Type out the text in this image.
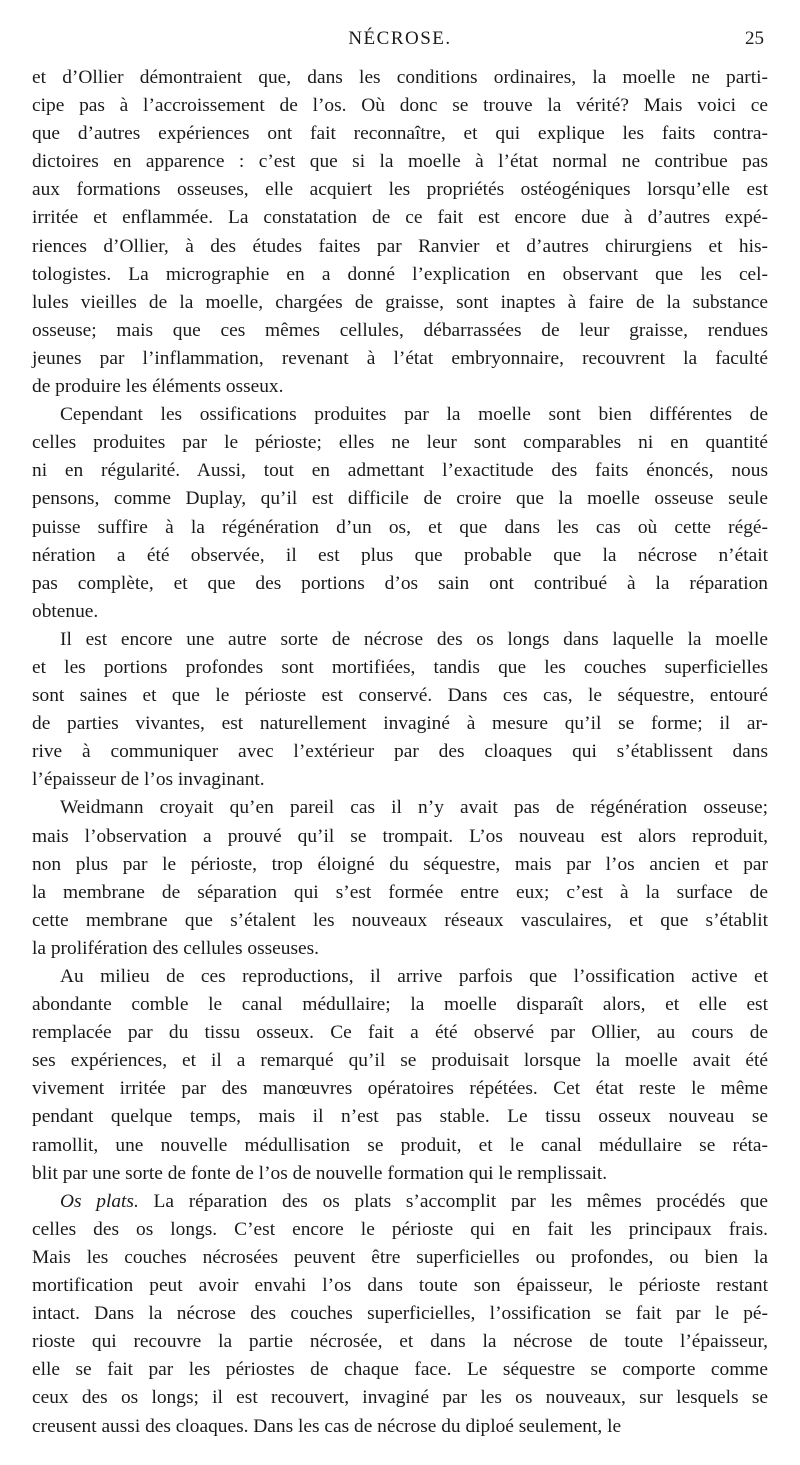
NÉCROSE.	25
et d’Ollier démontraient que, dans les conditions ordinaires, la moelle ne parti-
cipe pas à l’accroissement de l’os. Où donc se trouve la vérité? Mais voici ce
que d’autres expériences ont fait reconnaître, et qui explique les faits contra-
dictoires en apparence : c’est que si la moelle à l’état normal ne contribue pas
aux formations osseuses, elle acquiert les propriétés ostéogéniques lorsqu’elle est
irritée et enflammée. La constatation de ce fait est encore due à d’autres expé-
riences d’Ollier, à des études faites par Ranvier et d’autres chirurgiens et his-
tologistes. La micrographie en a donné l’explication en observant que les cel-
lules vieilles de la moelle, chargées de graisse, sont inaptes à faire de la substance
osseuse; mais que ces mêmes cellules, débarrassées de leur graisse, rendues
jeunes par l’inflammation, revenant à l’état embryonnaire, recouvrent la faculté
de produire les éléments osseux.
Cependant les ossifications produites par la moelle sont bien différentes de
celles produites par le périoste; elles ne leur sont comparables ni en quantité
ni en régularité. Aussi, tout en admettant l’exactitude des faits énoncés, nous
pensons, comme Duplay, qu’il est difficile de croire que la moelle osseuse seule
puisse suffire à la régénération d’un os, et que dans les cas où cette régé-
nération a été observée, il est plus que probable que la nécrose n’était
pas complète, et que des portions d’os sain ont contribué à la réparation
obtenue.
Il est encore une autre sorte de nécrose des os longs dans laquelle la moelle
et les portions profondes sont mortifiées, tandis que les couches superficielles
sont saines et que le périoste est conservé. Dans ces cas, le séquestre, entouré
de parties vivantes, est naturellement invaginé à mesure qu’il se forme; il ar-
rive à communiquer avec l’extérieur par des cloaques qui s’établissent dans
l’épaisseur de l’os invaginant.
Weidmann croyait qu’en pareil cas il n’y avait pas de régénération osseuse;
mais l’observation a prouvé qu’il se trompait. L’os nouveau est alors reproduit,
non plus par le périoste, trop éloigné du séquestre, mais par l’os ancien et par
la membrane de séparation qui s’est formée entre eux; c’est à la surface de
cette membrane que s’étalent les nouveaux réseaux vasculaires, et que s’établit
la prolifération des cellules osseuses.
Au milieu de ces reproductions, il arrive parfois que l’ossification active et
abondante comble le canal médullaire; la moelle disparaît alors, et elle est
remplacée par du tissu osseux. Ce fait a été observé par Ollier, au cours de
ses expériences, et il a remarqué qu’il se produisait lorsque la moelle avait été
vivement irritée par des manœuvres opératoires répétées. Cet état reste le même
pendant quelque temps, mais il n’est pas stable. Le tissu osseux nouveau se
ramollit, une nouvelle médullisation se produit, et le canal médullaire se réta-
blit par une sorte de fonte de l’os de nouvelle formation qui le remplissait.
Os plats. La réparation des os plats s’accomplit par les mêmes procédés que
celles des os longs. C’est encore le périoste qui en fait les principaux frais.
Mais les couches nécrosées peuvent être superficielles ou profondes, ou bien la
mortification peut avoir envahi l’os dans toute son épaisseur, le périoste restant
intact. Dans la nécrose des couches superficielles, l’ossification se fait par le pé-
rioste qui recouvre la partie nécrosée, et dans la nécrose de toute l’épaisseur,
elle se fait par les périostes de chaque face. Le séquestre se comporte comme
ceux des os longs; il est recouvert, invaginé par les os nouveaux, sur lesquels se
creusent aussi des cloaques. Dans les cas de nécrose du diploé seulement, le
